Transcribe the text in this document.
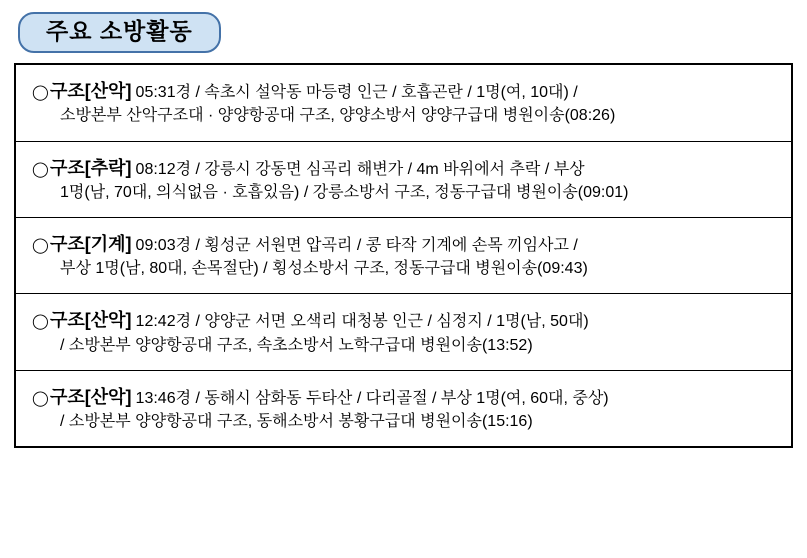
주요 소방활동
◯구조[산악] 05:31경 / 속초시 설악동 마등령 인근 / 호흡곤란 / 1명(여, 10대) /
소방본부 산악구조대 · 양양항공대 구조, 양양소방서 양양구급대 병원이송(08:26)
◯구조[추락] 08:12경 / 강릉시 강동면 심곡리 해변가 / 4m 바위에서 추락 / 부상
1명(남, 70대, 의식없음 · 호흡있음) / 강릉소방서 구조, 정동구급대 병원이송(09:01)
◯구조[기계] 09:03경 / 횡성군 서원면 압곡리 / 콩 타작 기계에 손목 끼임사고 /
부상 1명(남, 80대, 손목절단) / 횡성소방서 구조, 정동구급대 병원이송(09:43)
◯구조[산악] 12:42경 / 양양군 서면 오색리 대청봉 인근 / 심정지 / 1명(남, 50대)
/ 소방본부 양양항공대 구조, 속초소방서 노학구급대 병원이송(13:52)
◯구조[산악] 13:46경 / 동해시 삼화동 두타산 / 다리골절 / 부상 1명(여, 60대, 중상)
/ 소방본부 양양항공대 구조, 동해소방서 봉황구급대 병원이송(15:16)
